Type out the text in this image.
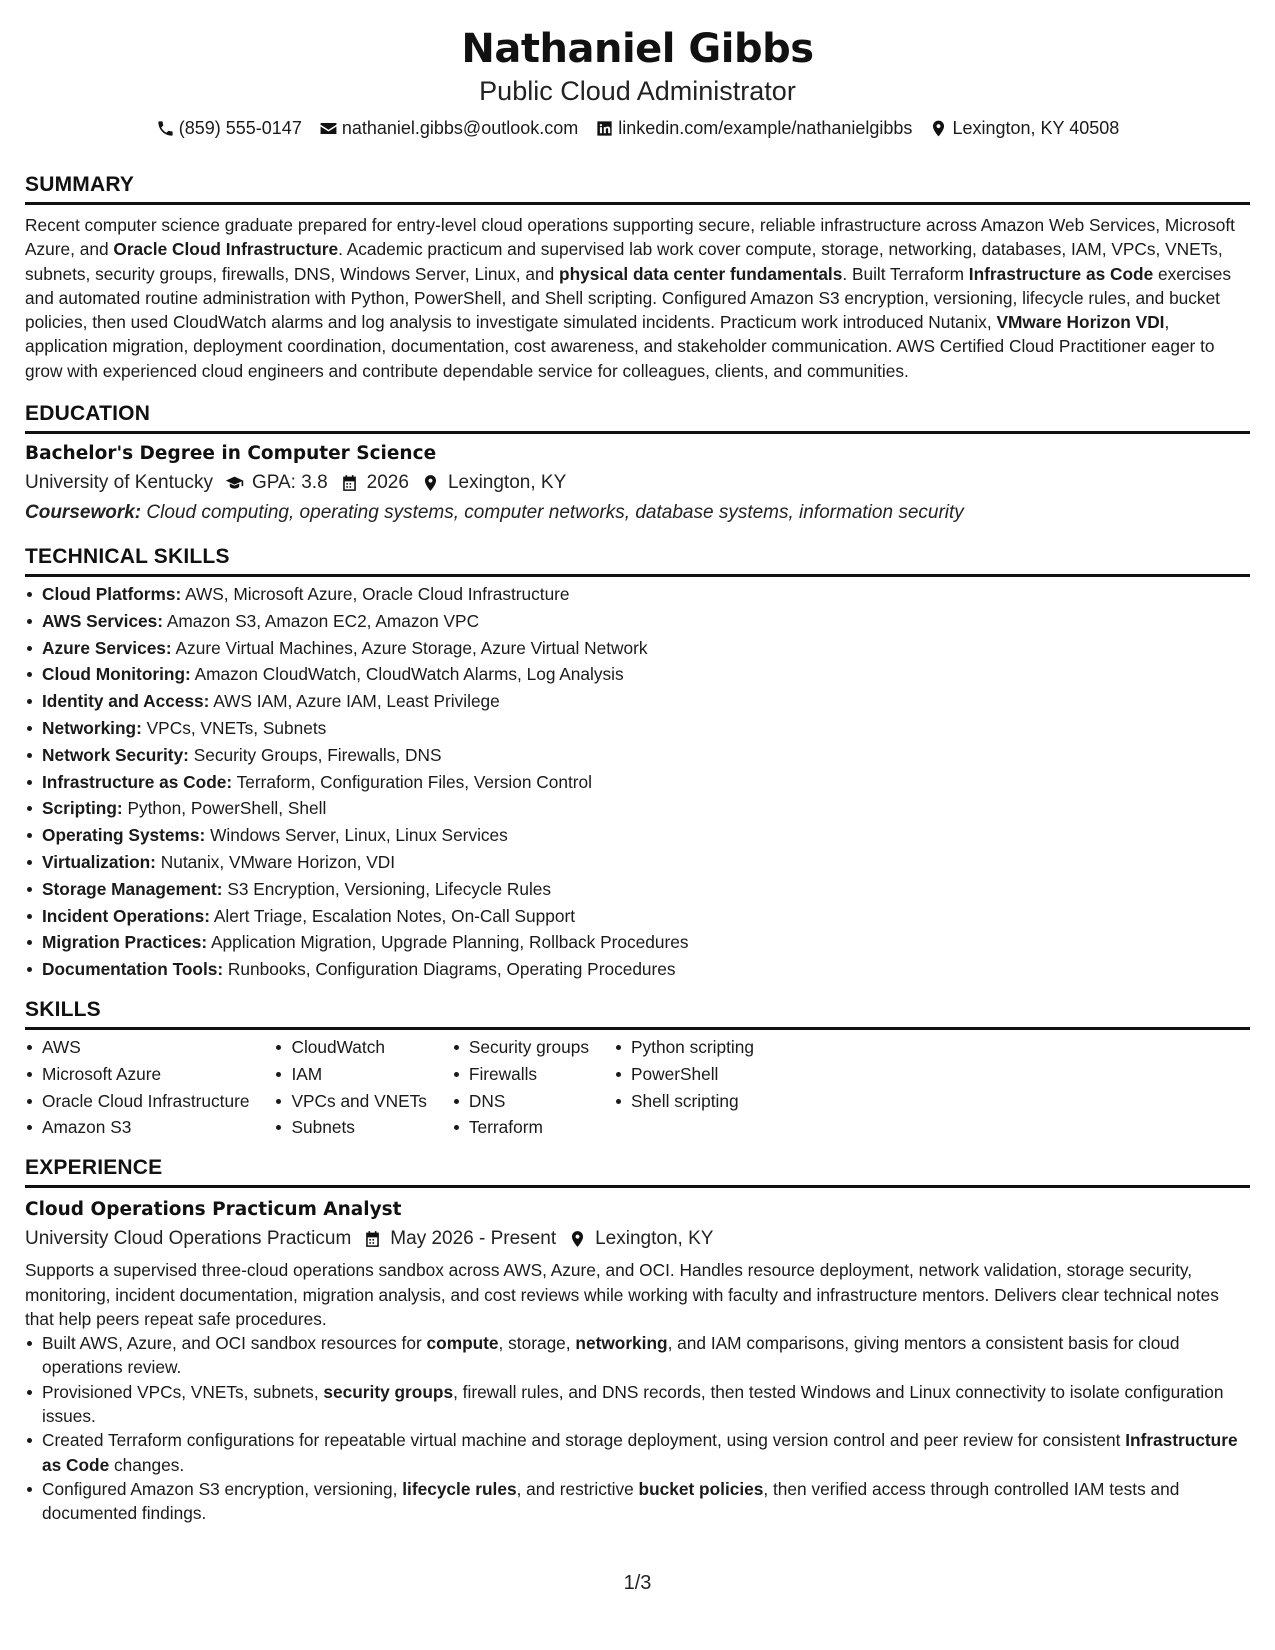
Nathaniel Gibbs
Public Cloud Administrator
(859) 555-0147 nathaniel.gibbs@outlook.com linkedin.com/example/nathanielgibbs Lexington, KY 40508
SUMMARY

Recent computer science graduate prepared for entry-level cloud operations supporting secure, reliable infrastructure across Amazon Web Services, Microsoft Azure, and Oracle Cloud Infrastructure. Academic practicum and supervised lab work cover compute, storage, networking, databases, IAM, VPCs, VNETs, subnets, security groups, firewalls, DNS, Windows Server, Linux, and physical data center fundamentals. Built Terraform Infrastructure as Code exercises and automated routine administration with Python, PowerShell, and Shell scripting. Configured Amazon S3 encryption, versioning, lifecycle rules, and bucket policies, then used CloudWatch alarms and log analysis to investigate simulated incidents. Practicum work introduced Nutanix, VMware Horizon VDI, application migration, deployment coordination, documentation, cost awareness, and stakeholder communication. AWS Certified Cloud Practitioner eager to grow with experienced cloud engineers and contribute dependable service for colleagues, clients, and communities.

EDUCATION
Bachelor's Degree in Computer Science
University of Kentucky GPA: 3.8 2026 Lexington, KY
Coursework: Cloud computing, operating systems, computer networks, database systems, information security
TECHNICAL SKILLS
Cloud Platforms: AWS, Microsoft Azure, Oracle Cloud Infrastructure
AWS Services: Amazon S3, Amazon EC2, Amazon VPC
Azure Services: Azure Virtual Machines, Azure Storage, Azure Virtual Network
Cloud Monitoring: Amazon CloudWatch, CloudWatch Alarms, Log Analysis
Identity and Access: AWS IAM, Azure IAM, Least Privilege
Networking: VPCs, VNETs, Subnets
Network Security: Security Groups, Firewalls, DNS
Infrastructure as Code: Terraform, Configuration Files, Version Control
Scripting: Python, PowerShell, Shell
Operating Systems: Windows Server, Linux, Linux Services
Virtualization: Nutanix, VMware Horizon, VDI
Storage Management: S3 Encryption, Versioning, Lifecycle Rules
Incident Operations: Alert Triage, Escalation Notes, On-Call Support
Migration Practices: Application Migration, Upgrade Planning, Rollback Procedures
Documentation Tools: Runbooks, Configuration Diagrams, Operating Procedures
SKILLS
AWS
Microsoft Azure
Oracle Cloud Infrastructure
Amazon S3
CloudWatch
IAM
VPCs and VNETs
Subnets
Security groups
Firewalls
DNS
Terraform
Python scripting
PowerShell
Shell scripting
EXPERIENCE
Cloud Operations Practicum Analyst
University Cloud Operations Practicum May 2026 - Present Lexington, KY

Supports a supervised three-cloud operations sandbox across AWS, Azure, and OCI. Handles resource deployment, network validation, storage security, monitoring, incident documentation, migration analysis, and cost reviews while working with faculty and infrastructure mentors. Delivers clear technical notes that help peers repeat safe procedures.

Built AWS, Azure, and OCI sandbox resources for compute, storage, networking, and IAM comparisons, giving mentors a consistent basis for cloud operations review.
Provisioned VPCs, VNETs, subnets, security groups, firewall rules, and DNS records, then tested Windows and Linux connectivity to isolate configuration issues.
Created Terraform configurations for repeatable virtual machine and storage deployment, using version control and peer review for consistent Infrastructure as Code changes.
Configured Amazon S3 encryption, versioning, lifecycle rules, and restrictive bucket policies, then verified access through controlled IAM tests and documented findings.
1/3
